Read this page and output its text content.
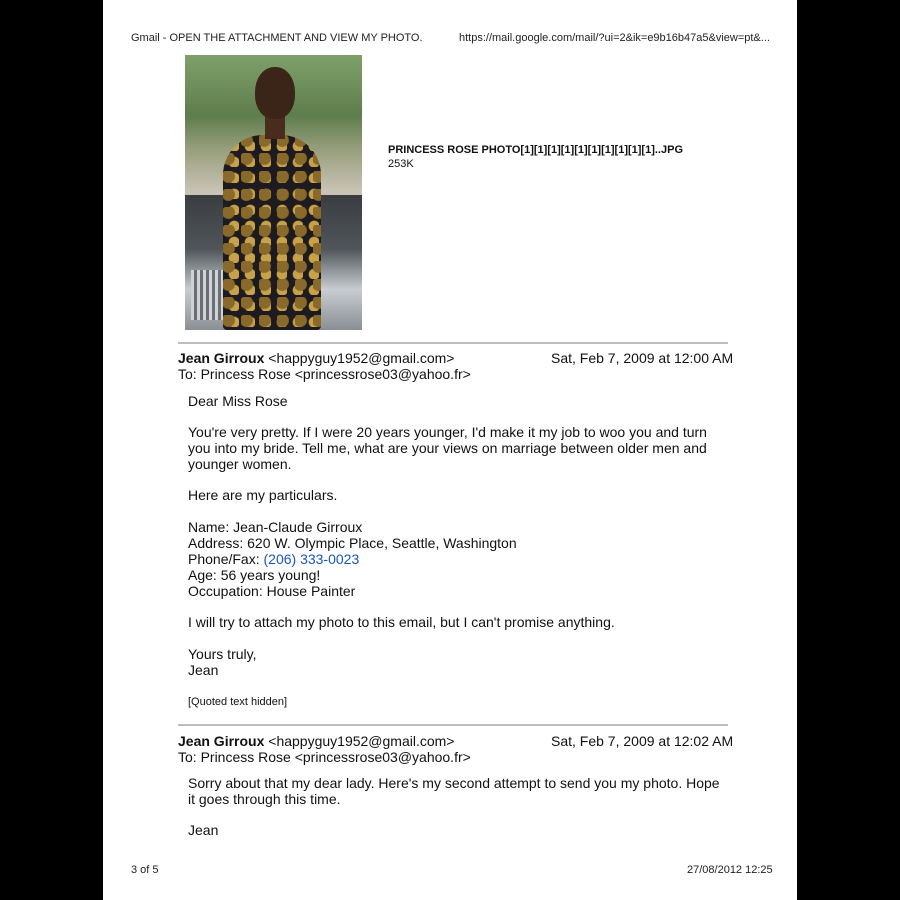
Gmail - OPEN THE ATTACHMENT AND VIEW MY PHOTO.	https://mail.google.com/mail/?ui=2&ik=e9b16b47a5&view=pt&...
PRINCESS ROSE PHOTO[1][1][1][1][1][1][1][1][1][1]..JPG
253K
Jean Girroux <happyguy1952@gmail.com>	Sat, Feb 7, 2009 at 12:00 AM
To: Princess Rose <princessrose03@yahoo.fr>
Dear Miss Rose
You're very pretty. If I were 20 years younger, I'd make it my job to woo you and turn
you into my bride. Tell me, what are your views on marriage between older men and
younger women.
Here are my particulars.
Name: Jean-Claude Girroux
Address: 620 W. Olympic Place, Seattle, Washington
Phone/Fax: (206) 333-0023
Age: 56 years young!
Occupation: House Painter
I will try to attach my photo to this email, but I can't promise anything.
Yours truly,
Jean
[Quoted text hidden]
Jean Girroux <happyguy1952@gmail.com>	Sat, Feb 7, 2009 at 12:02 AM
To: Princess Rose <princessrose03@yahoo.fr>
Sorry about that my dear lady. Here's my second attempt to send you my photo. Hope
it goes through this time.
Jean
3 of 5	27/08/2012 12:25
